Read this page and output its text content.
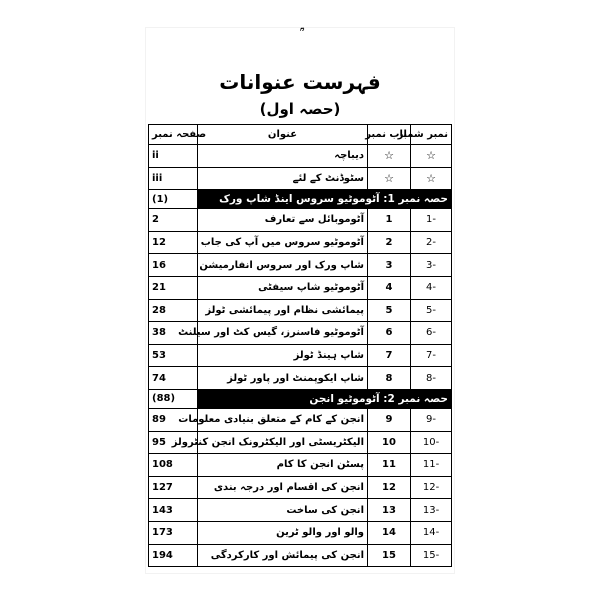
فہرست عنوانات
(حصہ اول)
نمبر شمار	باب نمبر	عنوان	صفحہ نمبر
☆	☆	دیباچہ	ii
☆	☆	سٹوڈنٹ کے لئے	iii
حصہ نمبر 1: آٹوموٹیو سروس اینڈ شاپ ورک			(1)
-1	1	آٹوموبائل سے تعارف	2
-2	2	آٹوموٹیو سروس میں آپ کی جاب	12
-3	3	شاپ ورک اور سروس انفارمیشن	16
-4	4	آٹوموٹیو شاپ سیفٹی	21
-5	5	پیمائشی نظام اور پیمائشی ٹولز	28
-6	6	آٹوموٹیو فاسنرز، گیس کٹ اور سیلنٹ	38
-7	7	شاپ ہینڈ ٹولز	53
-8	8	شاپ ایکوپمنٹ اور پاور ٹولز	74
حصہ نمبر 2: آٹوموٹیو انجن			(88)
-9	9	انجن کے کام کے متعلق بنیادی معلومات	89
-10	10	الیکٹریسٹی اور الیکٹرونک انجن کنٹرولز	95
-11	11	پسٹن انجن کا کام	108
-12	12	انجن کی اقسام اور درجہ بندی	127
-13	13	انجن کی ساخت	143
-14	14	والو اور والو ٹرین	173
-15	15	انجن کی پیمائش اور کارکردگی	194
